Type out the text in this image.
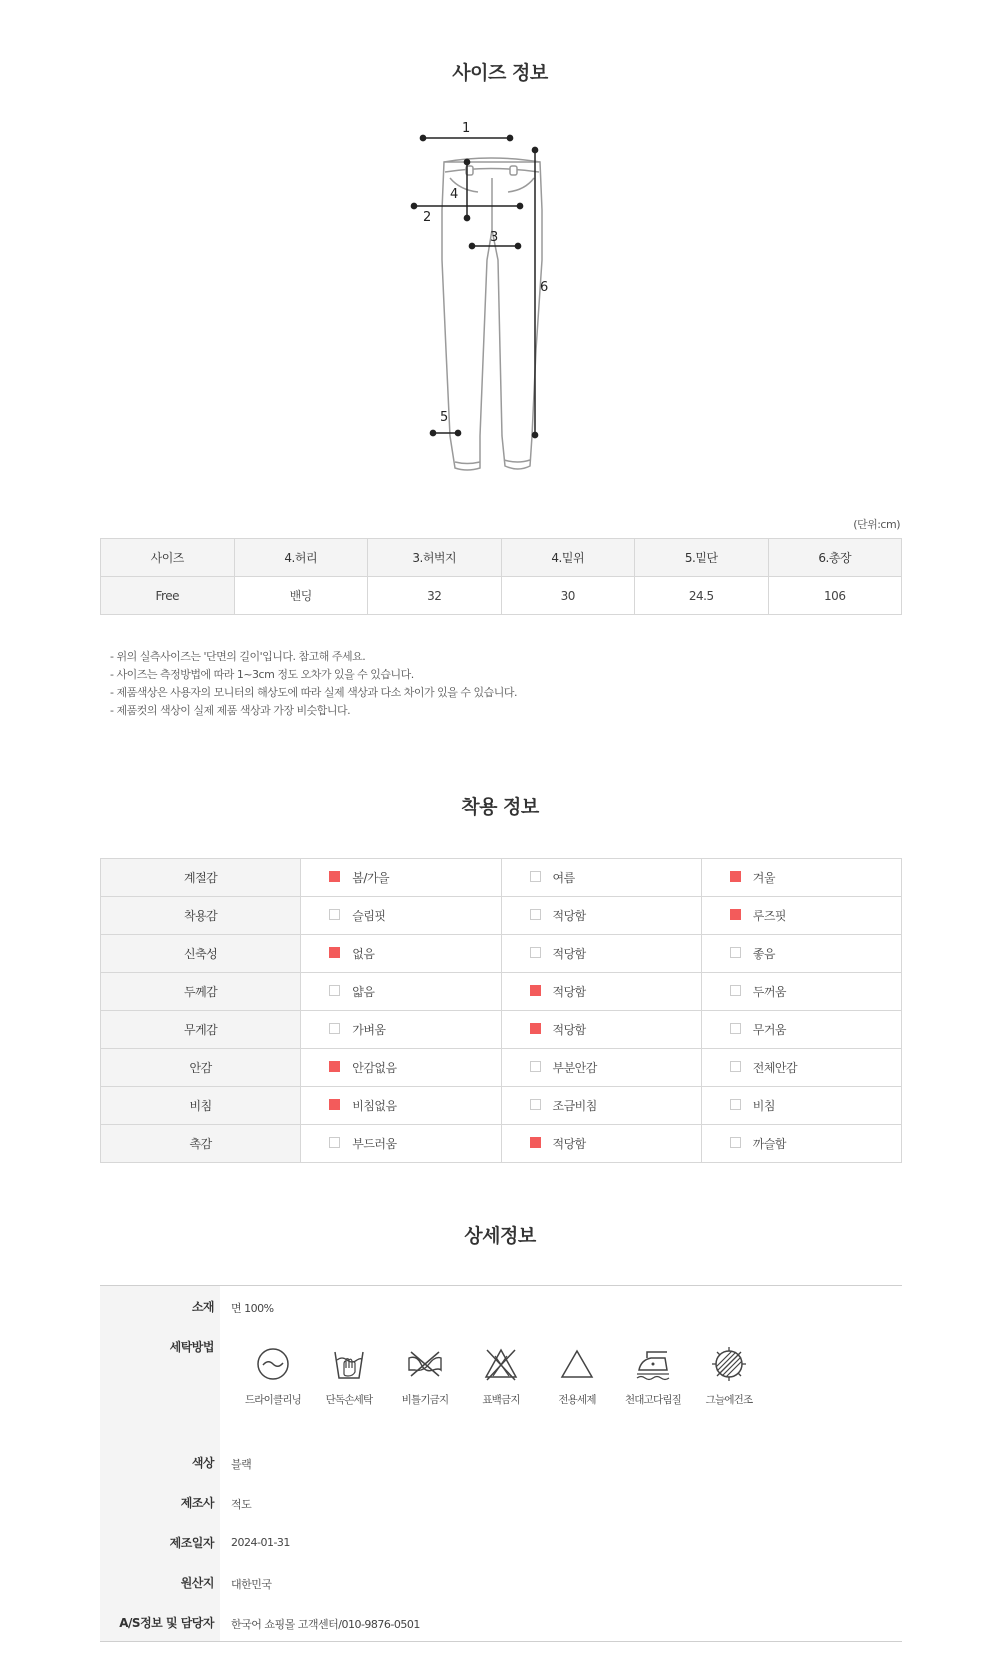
사이즈 정보
1
2
3
4
5
6
(단위:cm)
사이즈	4.허리	3.허벅지	4.밑위	5.밑단	6.총장
Free	밴딩	32	30	24.5	106
- 위의 실측사이즈는 '단면의 길이'입니다. 참고해 주세요.
- 사이즈는 측정방법에 따라 1~3cm 정도 오차가 있을 수 있습니다.
- 제품색상은 사용자의 모니터의 해상도에 따라 실제 색상과 다소 차이가 있을 수 있습니다.
- 제품컷의 색상이 실제 제품 색상과 가장 비슷합니다.
착용 정보
계절감	봄/가을	여름	겨울
착용감	슬림핏	적당함	루즈핏
신축성	없음	적당함	좋음
두께감	얇음	적당함	두꺼움
무게감	가벼움	적당함	무거움
안감	안감없음	부분안감	전체안감
비침	비침없음	조금비침	비침
촉감	부드러움	적당함	까슬함
상세정보
소재 면 100%
세탁방법
드라이클리닝	단독손세탁	비틀기금지	표백금지	전용세제	천대고다림질	그늘에건조
색상 블랙
제조사 적도
제조일자 2024-01-31
원산지 대한민국
A/S정보 및 담당자 한국어 쇼핑몰 고객센터/010-9876-0501
